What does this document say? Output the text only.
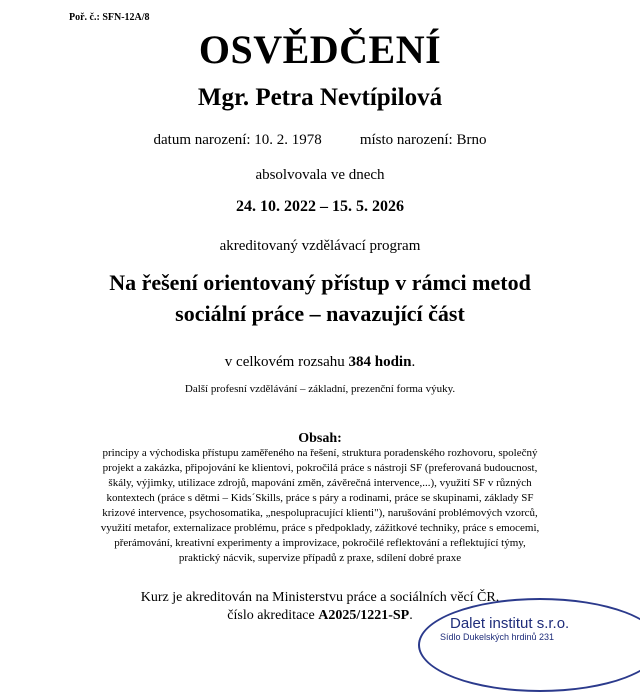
Poř. č.: SFN-12A/8
OSVĚDČENÍ
Mgr. Petra Nevtípilová
datum narození: 10. 2. 1978	místo narození: Brno
absolvovala ve dnech
24. 10. 2022 – 15. 5. 2026
akreditovaný vzdělávací program
Na řešení orientovaný přístup v rámci metod
sociální práce – navazující část
v celkovém rozsahu 384 hodin.
Další profesní vzdělávání – základní, prezenční forma výuky.
Obsah:
principy a východiska přístupu zaměřeného na řešení, struktura poradenského rozhovoru, společný
projekt a zakázka, připojování ke klientovi, pokročilá práce s nástroji SF (preferovaná budoucnost,
škály, výjimky, utilizace zdrojů, mapování změn, závěrečná intervence,...), využití SF v různých
kontextech (práce s dětmi – Kids´Skills, práce s páry a rodinami, práce se skupinami, základy SF
krizové intervence, psychosomatika, „nespolupracující klienti"), narušování problémových vzorců,
využití metafor, externalizace problému, práce s předpoklady, zážitkové techniky, práce s emocemi,
přerámování, kreativní experimenty a improvizace, pokročilé reflektování a reflektující týmy,
praktický nácvik, supervize případů z praxe, sdílení dobré praxe
Kurz je akreditován na Ministerstvu práce a sociálních věcí ČR,
číslo akreditace A2025/1221-SP.	Dalet institut s.r.o.
Sídlo Dukelských hrdinů 231
